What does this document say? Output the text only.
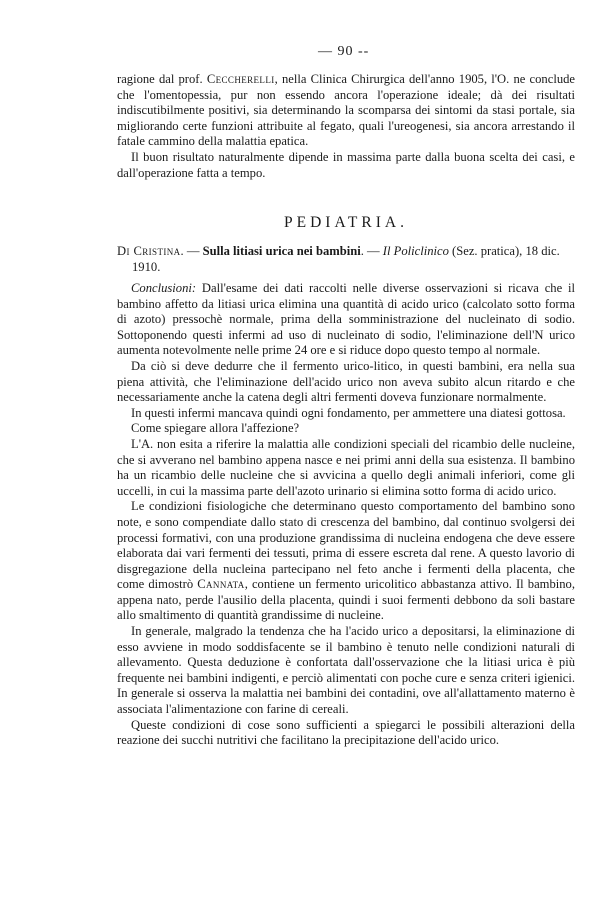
— 90 --

ragione dal prof. Ceccherelli, nella Clinica Chirurgica dell'anno 1905, l'O. ne conclude che l'omentopessia, pur non essendo ancora l'operazione ideale; dà dei risultati indiscutibilmente positivi, sia determinando la scomparsa dei sintomi da stasi portale, sia migliorando certe funzioni attribuite al fegato, quali l'ureogenesi, sia ancora arrestando il fatale cammino della malattia epatica.

Il buon risultato naturalmente dipende in massima parte dalla buona scelta dei casi, e dall'operazione fatta a tempo.

PEDIATRIA.

Di Cristina. — Sulla litiasi urica nei bambini. — Il Policlinico (Sez. pratica), 18 dic. 1910.

Conclusioni: Dall'esame dei dati raccolti nelle diverse osservazioni si ricava che il bambino affetto da litiasi urica elimina una quantità di acido urico (calcolato sotto forma di azoto) pressochè normale, prima della somministrazione del nucleinato di sodio. Sottoponendo questi infermi ad uso di nucleinato di sodio, l'eliminazione dell'N urico aumenta notevolmente nelle prime 24 ore e si riduce dopo questo tempo al normale.

Da ciò si deve dedurre che il fermento urico-litico, in questi bambini, era nella sua piena attività, che l'eliminazione dell'acido urico non aveva subito alcun ritardo e che necessariamente anche la catena degli altri fermenti doveva funzionare normalmente.

In questi infermi mancava quindi ogni fondamento, per ammettere una diatesi gottosa.

Come spiegare allora l'affezione?

L'A. non esita a riferire la malattia alle condizioni speciali del ricambio delle nucleine, che si avverano nel bambino appena nasce e nei primi anni della sua esistenza. Il bambino ha un ricambio delle nucleine che si avvicina a quello degli animali inferiori, come gli uccelli, in cui la massima parte dell'azoto urinario si elimina sotto forma di acido urico.

Le condizioni fisiologiche che determinano questo comportamento del bambino sono note, e sono compendiate dallo stato di crescenza del bambino, dal continuo svolgersi dei processi formativi, con una produzione grandissima di nucleina endogena che deve essere elaborata dai vari fermenti dei tessuti, prima di essere escreta dal rene. A questo lavorio di disgregazione della nucleina partecipano nel feto anche i fermenti della placenta, che come dimostrò Cannata, contiene un fermento uricolitico abbastanza attivo. Il bambino, appena nato, perde l'ausilio della placenta, quindi i suoi fermenti debbono da soli bastare allo smaltimento di quantità grandissime di nucleine.

In generale, malgrado la tendenza che ha l'acido urico a depositarsi, la eliminazione di esso avviene in modo soddisfacente se il bambino è tenuto nelle condizioni naturali di allevamento. Questa deduzione è confortata dall'osservazione che la litiasi urica è più frequente nei bambini indigenti, e perciò alimentati con poche cure e senza criteri igienici. In generale si osserva la malattia nei bambini dei contadini, ove all'allattamento materno è associata l'alimentazione con farine di cereali.

Queste condizioni di cose sono sufficienti a spiegarci le possibili alterazioni della reazione dei succhi nutritivi che facilitano la precipitazione dell'acido urico.
